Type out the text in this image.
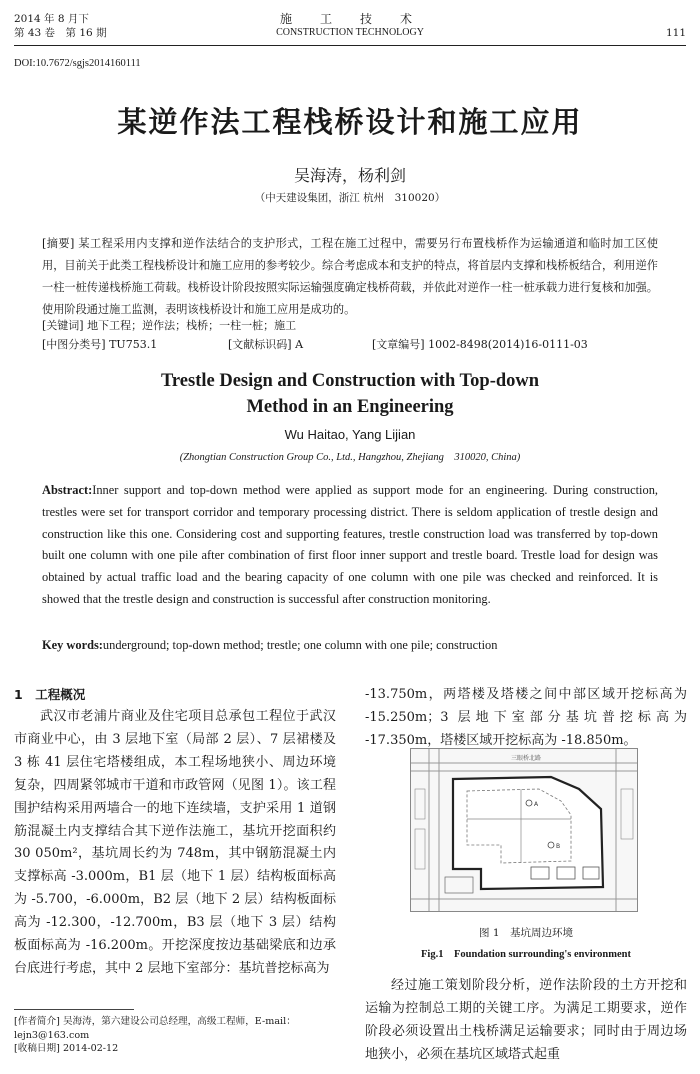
2014 年 8 月下
第 43 卷　第 16 期
施　工　技　术
CONSTRUCTION TECHNOLOGY	111
DOI:10.7672/sgjs2014160111
某逆作法工程栈桥设计和施工应用
吴海涛，杨利剑
（中天建设集团，浙江 杭州　310020）
[摘要] 某工程采用内支撑和逆作法结合的支护形式，工程在施工过程中，需要另行布置栈桥作为运输通道和临时加工区使用，目前关于此类工程栈桥设计和施工应用的参考较少。综合考虑成本和支护的特点，将首层内支撑和栈桥板结合，利用逆作一柱一桩传递栈桥施工荷载。栈桥设计阶段按照实际运输强度确定栈桥荷载，并依此对逆作一柱一桩承载力进行复核和加强。使用阶段通过施工监测，表明该栈桥设计和施工应用是成功的。
[关键词] 地下工程；逆作法；栈桥；一柱一桩；施工
[中图分类号] TU753.1	[文献标识码] A	[文章编号] 1002-8498(2014)16-0111-03
Trestle Design and Construction with Top-down
Method in an Engineering
Wu Haitao, Yang Lijian
(Zhongtian Construction Group Co., Ltd., Hangzhou, Zhejiang　310020, China)
Abstract:Inner support and top-down method were applied as support mode for an engineering. During construction, trestles were set for transport corridor and temporary processing district. There is seldom application of trestle design and construction like this one. Considering cost and supporting features, trestle construction load was transferred by top-down built one column with one pile after combination of first floor inner support and trestle board. Trestle load for design was obtained by actual traffic load and the bearing capacity of one column with one pile was checked and reinforced. It is showed that the trestle design and construction is successful after construction monitoring.
Key words:underground; top-down method; trestle; one column with one pile; construction
1　工程概况

武汉市老浦片商业及住宅项目总承包工程位于武汉市商业中心，由 3 层地下室（局部 2 层）、7 层裙楼及 3 栋 41 层住宅塔楼组成，本工程场地狭小、周边环境复杂，四周紧邻城市干道和市政管网（见图 1）。该工程围护结构采用两墙合一的地下连续墙，支护采用 1 道钢筋混凝土内支撑结合其下逆作法施工，基坑开挖面积约 30 050m²，基坑周长约为 748m，其中钢筋混凝土内支撑标高 -3.000m，B1 层（地下 1 层）结构板面标高为 -5.700，-6.000m，B2 层（地下 2 层）结构板面标高为 -12.300，-12.700m，B3 层（地下 3 层）结构板面标高为 -16.200m。开挖深度按边基础梁底和边承台底进行考虑，其中 2 层地下室部分：基坑普挖标高为

-13.750m，两塔楼及塔楼之间中部区域开挖标高为 -15.250m；3 层地下室部分基坑普挖标高为 -17.350m，塔楼区域开挖标高为 -18.850m。

三眼桥北路
A
B
图 1　基坑周边环境
Fig.1　Foundation surrounding's environment

经过施工策划阶段分析，逆作法阶段的土方开挖和运输为控制总工期的关键工序。为满足工期要求，逆作阶段必须设置出土栈桥满足运输要求；同时由于周边场地狭小，必须在基坑区域塔式起重

[作者简介] 吴海涛，第六建设公司总经理，高级工程师，E-mail：lejn3@163.com
[收稿日期] 2014-02-12
